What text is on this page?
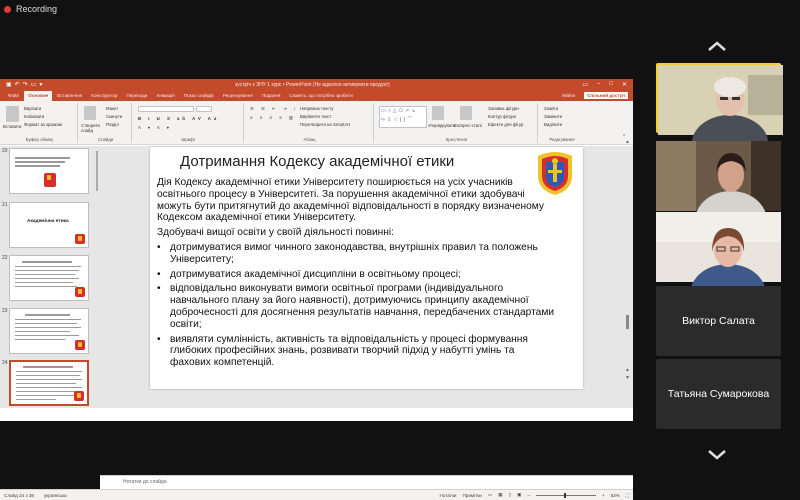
Recording
▣ ↶ ↷ ▭ ▾	зустріч з ЗНУ 1 курс • PowerPoint (Не вдалося активувати продукт)	▭ – □ ✕
Файл	Основне	Вставлення	Конструктор	Переходи	Анімація	Показ слайдів	Рецензування	Подання	Скажіть, що потрібно зробити	Увійти	Спільний доступ
Вставити
Вирізати
Копіювати
Формат за зразком
Буфер обміну
Створити слайд
Макет
Скинути
Розділ
Слайди
B I U S ab AV Aa
A ▾ A ▾
Шрифт
☰ ☰ ⇤ ⇥ ↕
≡ ≡ ≡ ≡ ▥
Напрямок тексту
Вирівняти текст
Перетворити на SmartArt
Абзац
▭○△⬠↗↘
⇨⇩☆{}⌒
Упорядкувати
Експрес-стилі
Заливка фігури
Контур фігури
Ефекти для фігур
Креслення
Знайти
Замінити
Виділити
Редагування	⌃
20
21
Академічна етика
22
23
24
Нотатки до слайда
Слайд 24 з 38 українська	Нотатки Примітки ▭ ▦ ▯ ▣ –	+ 53% ⛶
Дотримання Кодексу академічної етики

Дія Кодексу академічної етики Університету поширюється на усіх учасників освітнього процесу в Університеті. За порушення академічної етики здобувачі можуть бути притягнутий до академічної відповідальності в порядку визначеному Кодексом академічної етики Університету.

Здобувачі вищої освіти у своїй діяльності повинні:

• дотримуватися вимог чинного законодавства, внутрішніх правил та положень Університету;
• дотримуватися академічної дисципліни в освітньому процесі;
• відповідально виконувати вимоги освітньої програми (індивідуального навчального плану за його наявності), дотримуючись принципу академічної доброчесності для досягнення результатів навчання, передбачених стандартами освіти;
• виявляти сумлінність, активність та відповідальність у процесі формування глибоких професійних знань, розвивати творчий підхід у набутті умінь та фахових компетенцій.
▲
▲
▼
Виктор Салата
Татьяна Сумарокова
